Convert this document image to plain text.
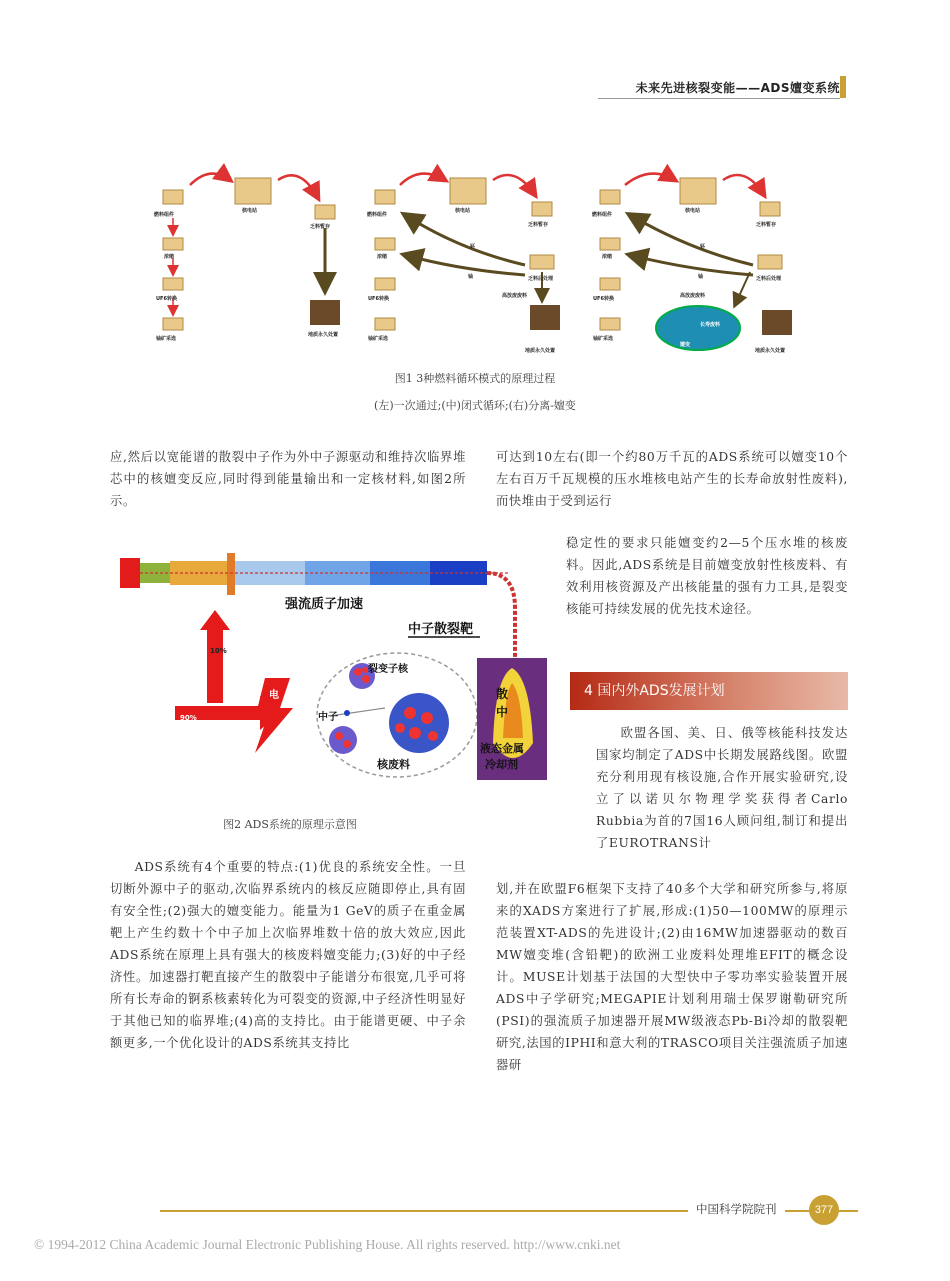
未来先进核裂变能——ADS嬗变系统
燃料组件
核电站
浓缩
UF6转换
铀矿采选
乏料暂存
地质永久处置
燃料组件
核电站
浓缩
UF6转换
铀矿采选
乏料暂存
乏料后处理
高放废废料
钚
铀
地质永久处置
燃料组件
核电站
浓缩
UF6转换
铀矿采选
乏料暂存
乏料后处理
高放废废料
钚
铀
嬗变
长寿废料
地质永久处置
图1 3种燃料循环模式的原理过程
(左)一次通过;(中)闭式循环;(右)分离-嬗变

应,然后以宽能谱的散裂中子作为外中子源驱动和维持次临界堆芯中的核嬗变反应,同时得到能量输出和一定核材料,如图2所示。

强流质子加速
中子散裂靶
10%
90%
电
裂变子核
中子
核废料
散
中
液态金属
冷却剂
图2 ADS系统的原理示意图

ADS系统有4个重要的特点:(1)优良的系统安全性。一旦切断外源中子的驱动,次临界系统内的核反应随即停止,具有固有安全性;(2)强大的嬗变能力。能量为1 GeV的质子在重金属靶上产生约数十个中子加上次临界堆数十倍的放大效应,因此ADS系统在原理上具有强大的核废料嬗变能力;(3)好的中子经济性。加速器打靶直接产生的散裂中子能谱分布很宽,几乎可将所有长寿命的锕系核素转化为可裂变的资源,中子经济性明显好于其他已知的临界堆;(4)高的支持比。由于能谱更硬、中子余额更多,一个优化设计的ADS系统其支持比

可达到10左右(即一个约80万千瓦的ADS系统可以嬗变10个左右百万千瓦规模的压水堆核电站产生的长寿命放射性废料),而快堆由于受到运行

稳定性的要求只能嬗变约2—5个压水堆的核废料。因此,ADS系统是目前嬗变放射性核废料、有效利用核资源及产出核能量的强有力工具,是裂变核能可持续发展的优先技术途径。

4 国内外ADS发展计划

欧盟各国、美、日、俄等核能科技发达国家均制定了ADS中长期发展路线图。欧盟充分利用现有核设施,合作开展实验研究,设立了以诺贝尔物理学奖获得者Carlo Rubbia为首的7国16人顾问组,制订和提出了EUROTRANS计

划,并在欧盟F6框架下支持了40多个大学和研究所参与,将原来的XADS方案进行了扩展,形成:(1)50—100MW的原理示范装置XT-ADS的先进设计;(2)由16MW加速器驱动的数百MW嬗变堆(含铅靶)的欧洲工业废料处理堆EFIT的概念设计。MUSE计划基于法国的大型快中子零功率实验装置开展ADS中子学研究;MEGAPIE计划利用瑞士保罗谢勒研究所(PSI)的强流质子加速器开展MW级液态Pb-Bi冷却的散裂靶研究,法国的IPHI和意大利的TRASCO项目关注强流质子加速器研

中国科学院院刊	377
© 1994-2012 China Academic Journal Electronic Publishing House. All rights reserved. http://www.cnki.net
